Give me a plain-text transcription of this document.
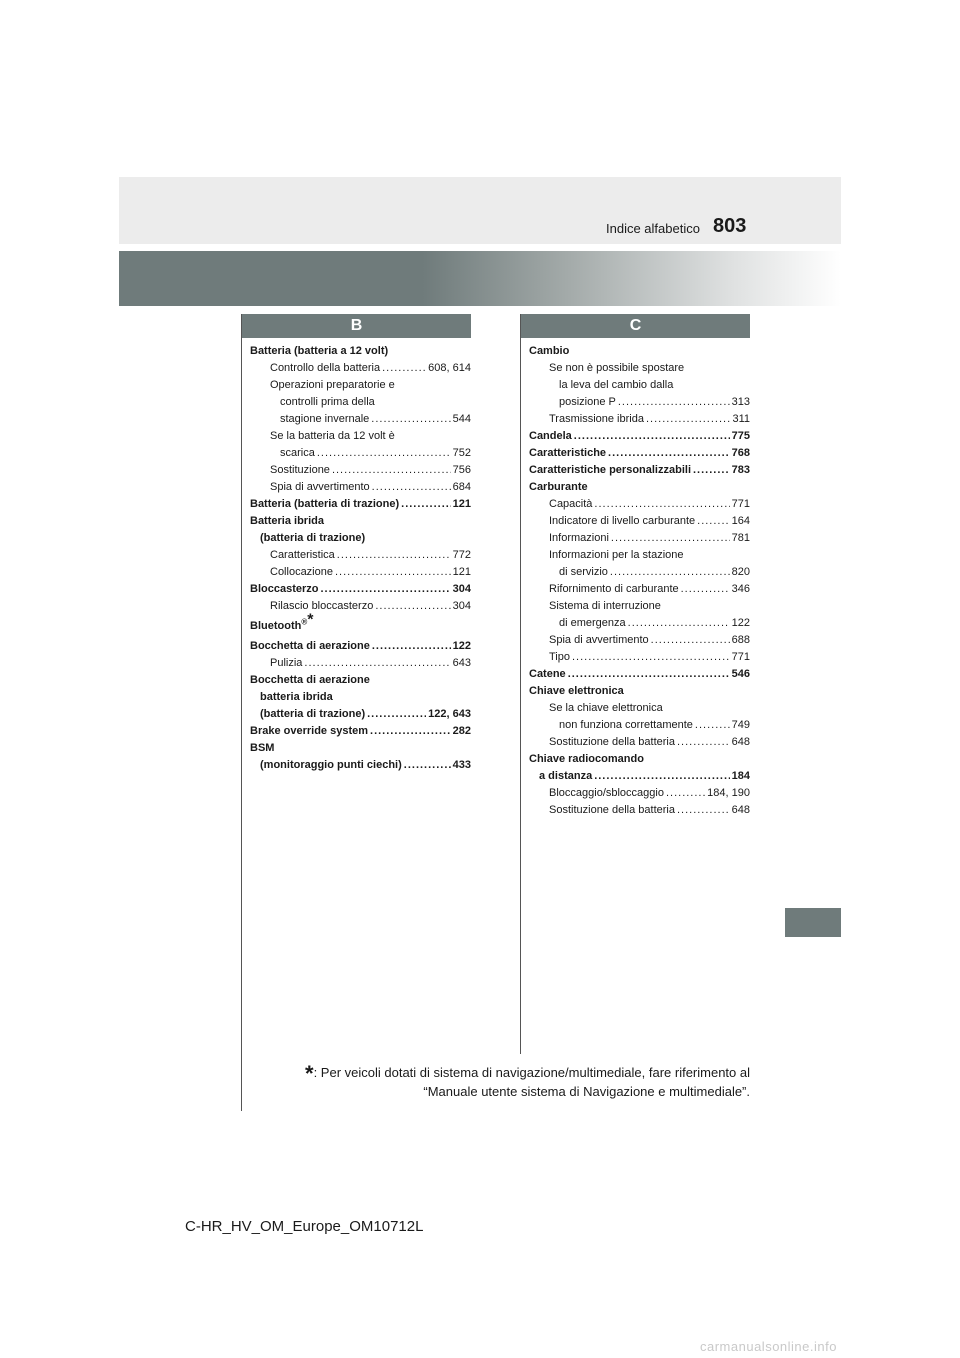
803
Indice alfabetico
B	C
Batteria (batteria a 12 volt)
Controllo della batteria .....	608, 614
Operazioni preparatorie e
controlli prima della
stagione invernale .....	544
Se la batteria da 12 volt è
scarica .....	752
Sostituzione .....	756
Spia di avvertimento .....	684
Batteria (batteria di trazione) .....	121
Batteria ibrida
(batteria di trazione)
Caratteristica .....	772
Collocazione .....	121
Bloccasterzo .....	304
Rilascio bloccasterzo .....	304
Bluetooth®*
Bocchetta di aerazione .....	122
Pulizia .....	643
Bocchetta di aerazione
batteria ibrida
(batteria di trazione) .....	122, 643
Brake override system .....	282
BSM
(monitoraggio punti ciechi) .....	433
Cambio
Se non è possibile spostare
la leva del cambio dalla
posizione P .....	313
Trasmissione ibrida .....	311
Candela .....	775
Caratteristiche .....	768
Caratteristiche personalizzabili .....	783
Carburante
Capacità .....	771
Indicatore di livello carburante .....	164
Informazioni .....	781
Informazioni per la stazione
di servizio .....	820
Rifornimento di carburante .....	346
Sistema di interruzione
di emergenza .....	122
Spia di avvertimento .....	688
Tipo .....	771
Catene .....	546
Chiave elettronica
Se la chiave elettronica
non funziona correttamente .....	749
Sostituzione della batteria .....	648
Chiave radiocomando
a distanza .....	184
Bloccaggio/sbloccaggio .....	184, 190
Sostituzione della batteria .....	648
*: Per veicoli dotati di sistema di navigazione/multimediale, fare riferimento al
“Manuale utente sistema di Navigazione e multimediale”.
C-HR_HV_OM_Europe_OM10712L
carmanualsonline.info
